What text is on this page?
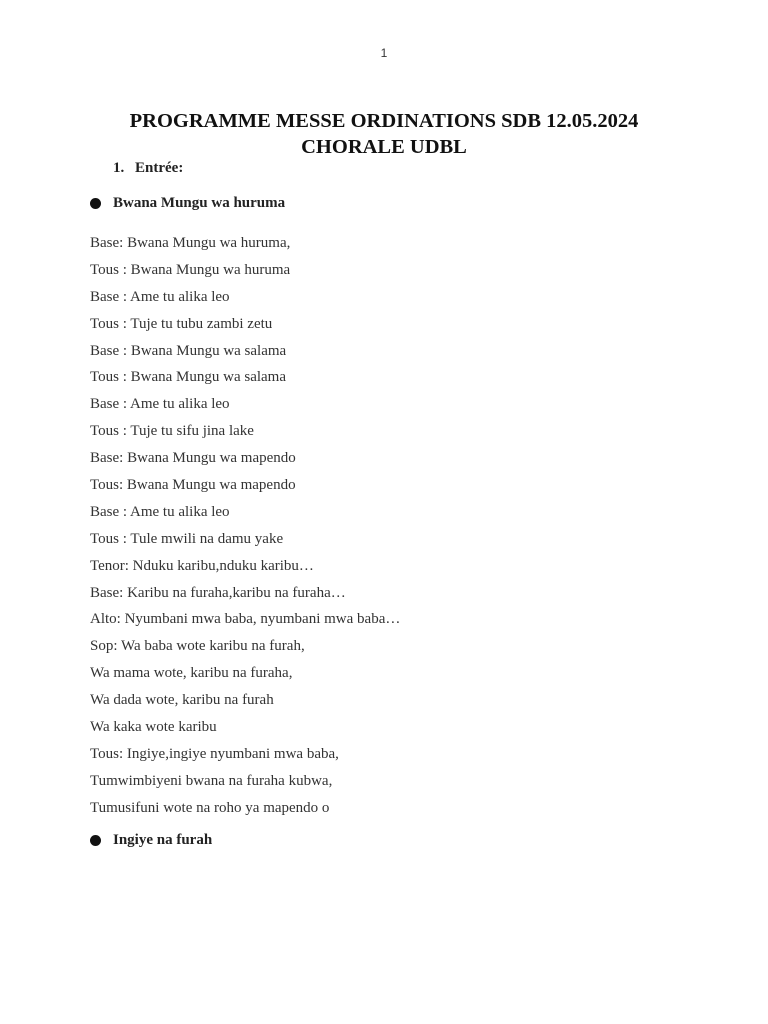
1
PROGRAMME MESSE ORDINATIONS SDB 12.05.2024
CHORALE UDBL
1. Entrée:
Bwana Mungu wa huruma
Base: Bwana Mungu wa huruma,
Tous : Bwana Mungu wa huruma
Base : Ame tu alika leo
Tous : Tuje tu tubu zambi zetu
Base : Bwana Mungu wa salama
Tous : Bwana Mungu wa salama
Base : Ame tu alika leo
Tous : Tuje tu sifu jina lake
Base: Bwana Mungu wa mapendo
Tous: Bwana Mungu wa mapendo
Base : Ame tu alika leo
Tous : Tule mwili na damu yake
Tenor: Nduku karibu,nduku karibu…
Base: Karibu na furaha,karibu na furaha…
Alto: Nyumbani mwa baba, nyumbani mwa baba…
Sop: Wa baba wote karibu na furah,
Wa mama wote, karibu na furaha,
Wa dada wote, karibu na furah
Wa kaka wote karibu
Tous: Ingiye,ingiye nyumbani mwa baba,
Tumwimbiyeni bwana na furaha kubwa,
Tumusifuni wote na roho ya mapendo o
Ingiye na furah
